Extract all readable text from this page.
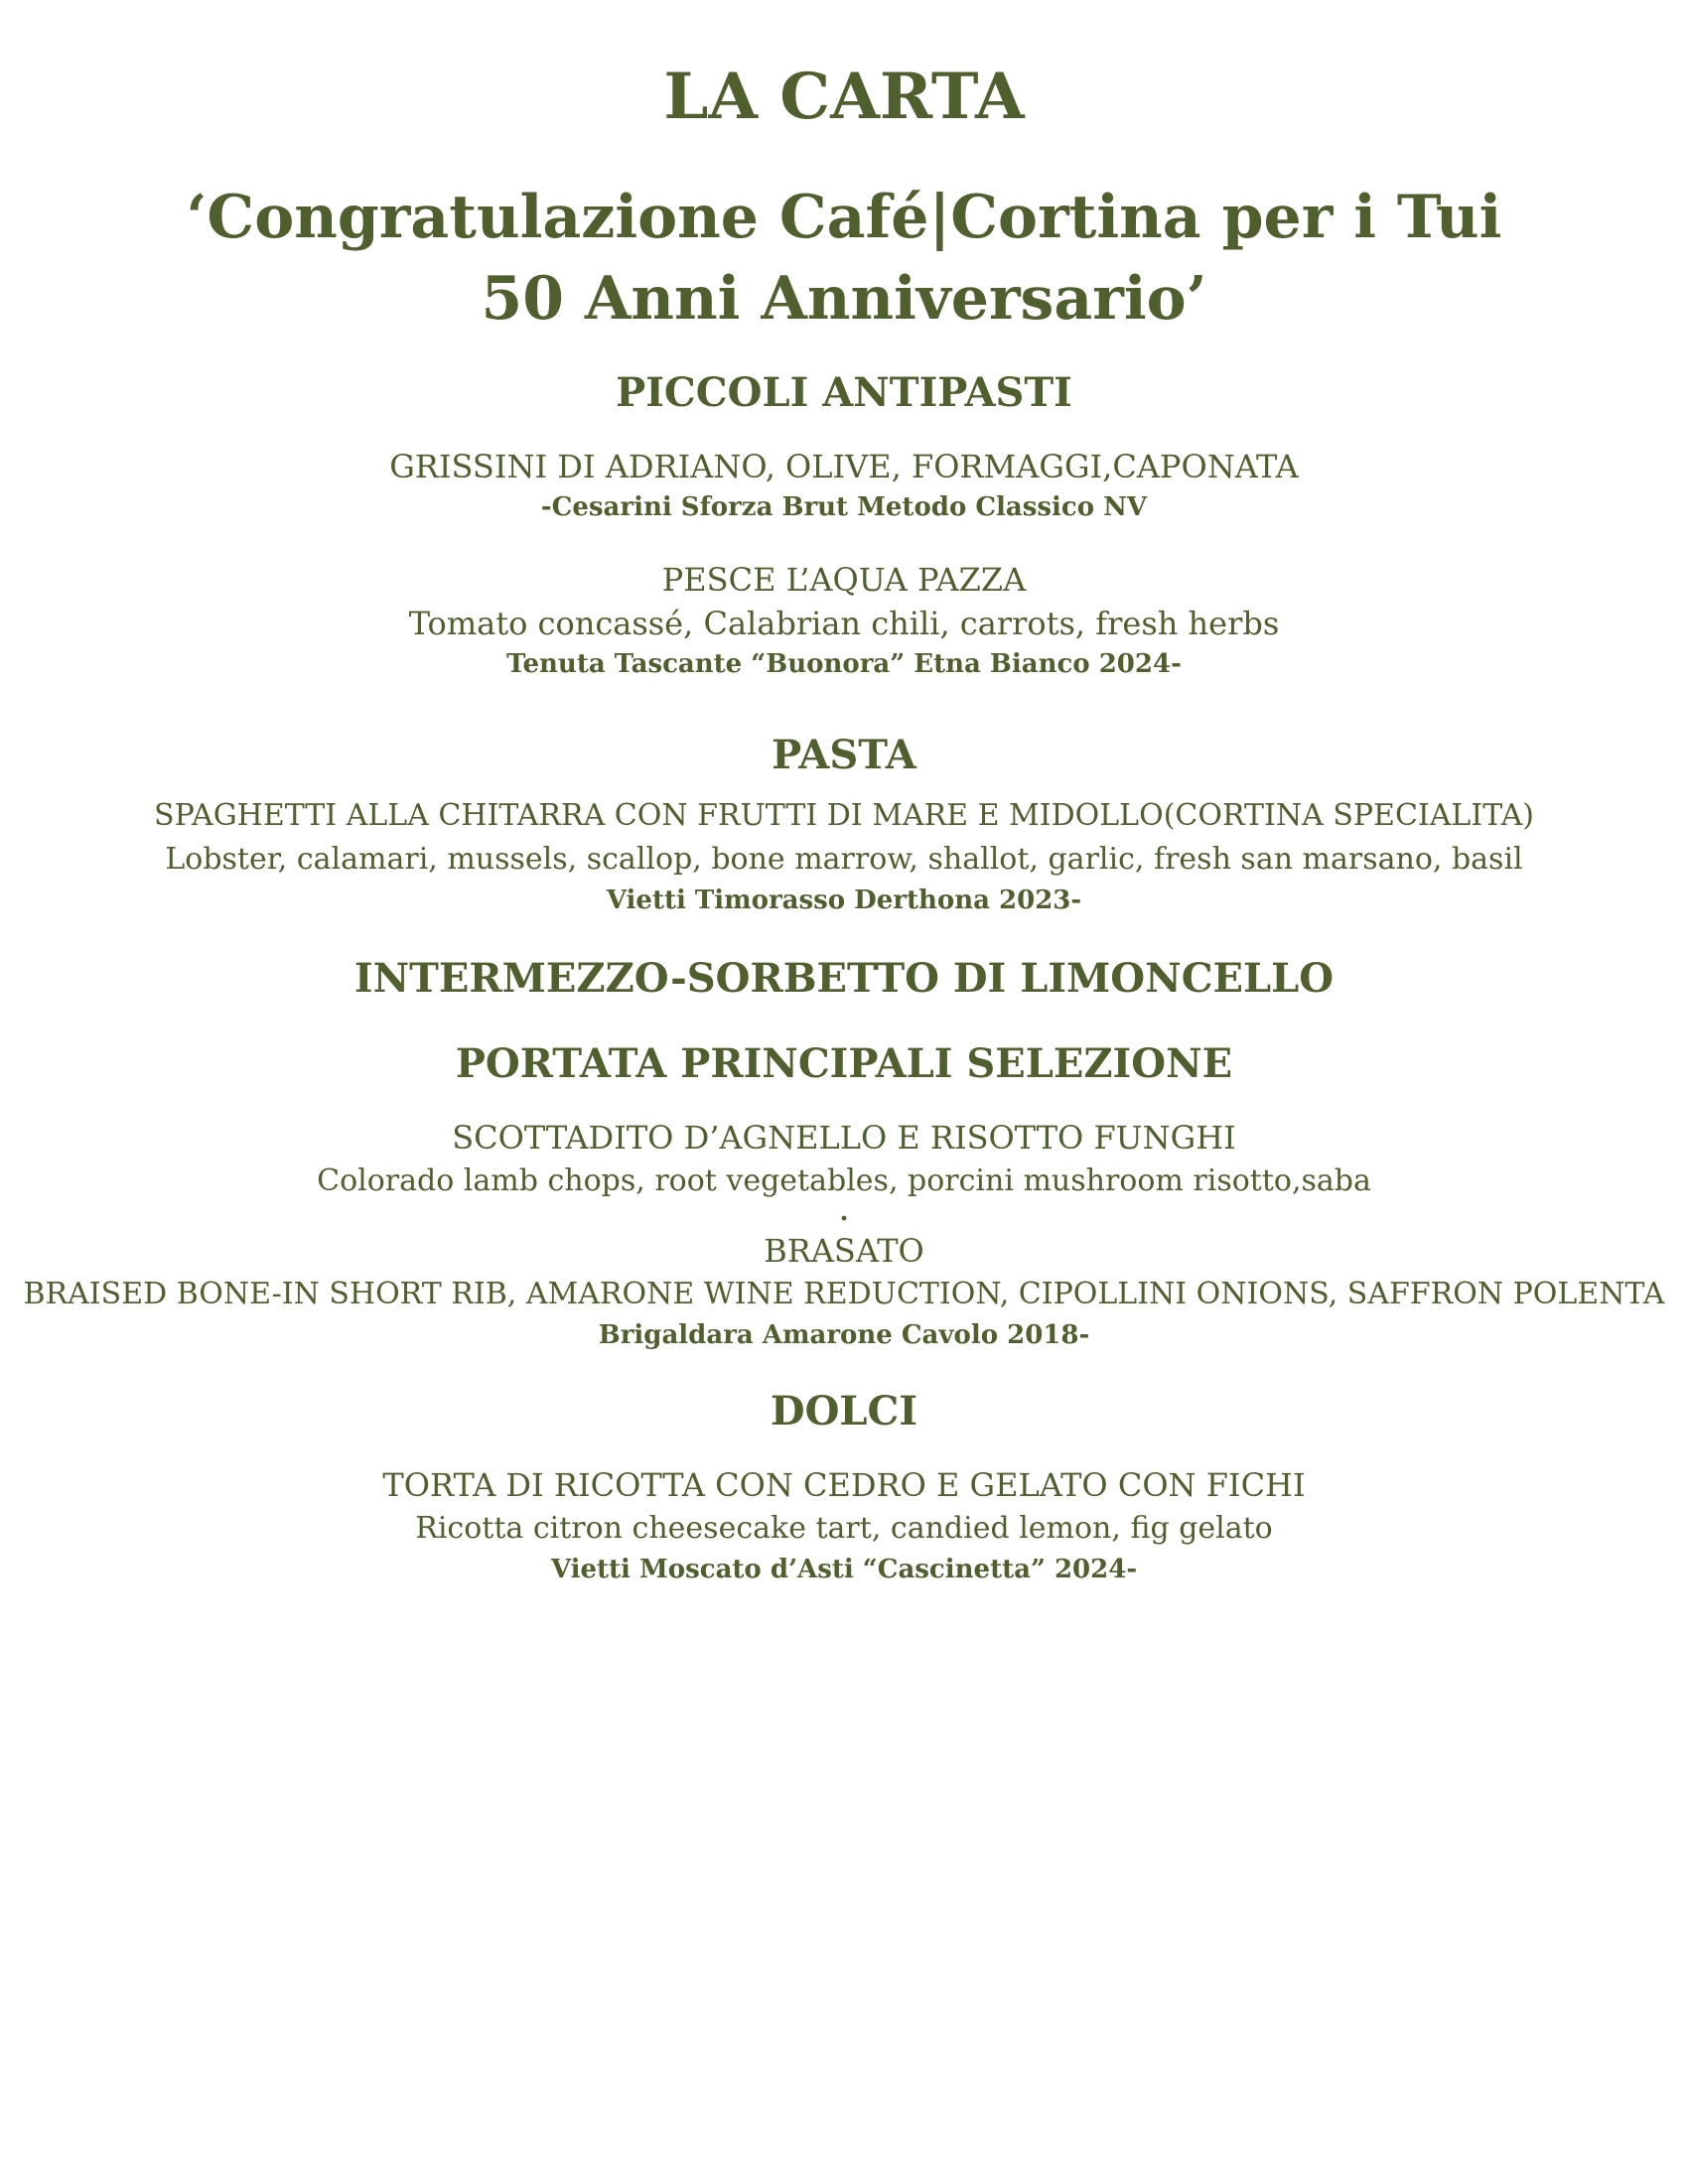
LA CARTA
‘Congratulazione Café|Cortina per i Tui
50 Anni Anniversario’
PICCOLI ANTIPASTI

GRISSINI DI ADRIANO, OLIVE, FORMAGGI,CAPONATA

-Cesarini Sforza Brut Metodo Classico NV

PESCE L’AQUA PAZZA

Tomato concassé, Calabrian chili, carrots, fresh herbs

Tenuta Tascante “Buonora” Etna Bianco 2024-

PASTA

SPAGHETTI ALLA CHITARRA CON FRUTTI DI MARE E MIDOLLO(CORTINA SPECIALITA)

Lobster, calamari, mussels, scallop, bone marrow, shallot, garlic, fresh san marsano, basil

Vietti Timorasso Derthona 2023-

INTERMEZZO-SORBETTO DI LIMONCELLO
PORTATA PRINCIPALI SELEZIONE

SCOTTADITO D’AGNELLO E RISOTTO FUNGHI

Colorado lamb chops, root vegetables, porcini mushroom risotto,saba

.

BRASATO

BRAISED BONE-IN SHORT RIB, AMARONE WINE REDUCTION, CIPOLLINI ONIONS, SAFFRON POLENTA

Brigaldara Amarone Cavolo 2018-

DOLCI

TORTA DI RICOTTA CON CEDRO E GELATO CON FICHI

Ricotta citron cheesecake tart, candied lemon, fig gelato

Vietti Moscato d’Asti “Cascinetta” 2024-
